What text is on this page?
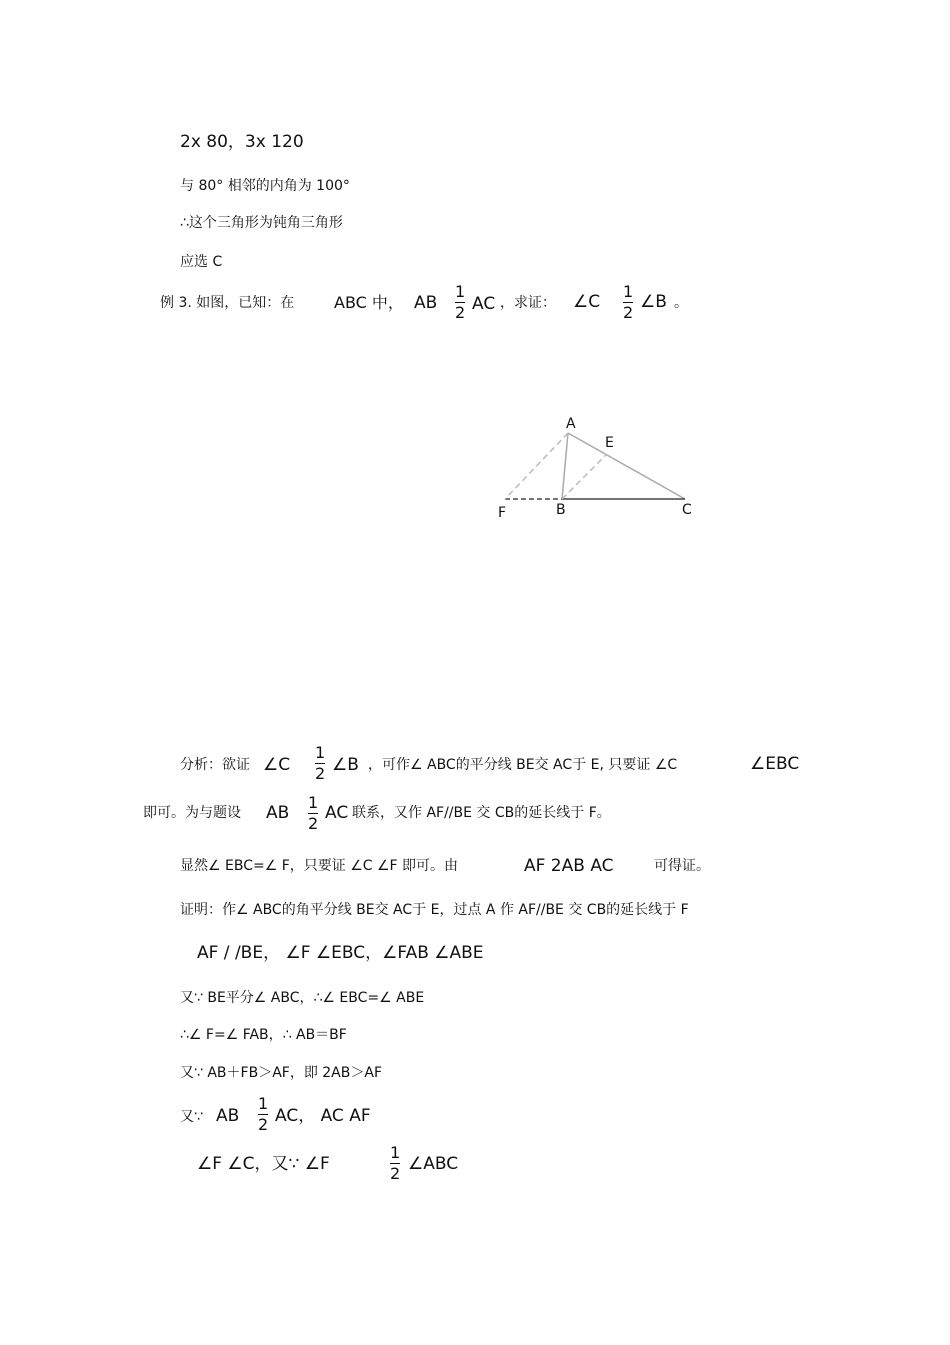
2x 80，3x 120
与 80° 相邻的内角为 100°
∴这个三角形为钝角三角形
应选 C
例 3. 如图，已知：在 ABC 中， AB
1
2 AC ，求证： ∠C
1
2
∠B 。
A
E
F	B	C
分析：欲证 ∠C
1
2 ∠B ，可作∠ ABC的平分线 BE交 AC于 E, 只要证 ∠C	∠EBC
即可。为与题设 AB
1
2
AC 联系，又作 AF//BE 交 CB的延长线于 F。
显然∠ EBC=∠ F，只要证 ∠C ∠F 即可。由	AF 2AB AC	可得证。
证明：作∠ ABC的角平分线 BE交 AC于 E，过点 A 作 AF//BE 交 CB的延长线于 F
AF / /BE， ∠F ∠EBC，∠FAB ∠ABE
又∵ BE平分∠ ABC，∴∠ EBC=∠ ABE
∴∠ F=∠ FAB，∴ AB＝BF
又∵ AB＋FB＞AF，即 2AB＞AF
又∵ AB
1
2 AC， AC AF
∠F ∠C，又∵ ∠F
1
2 ∠ABC
